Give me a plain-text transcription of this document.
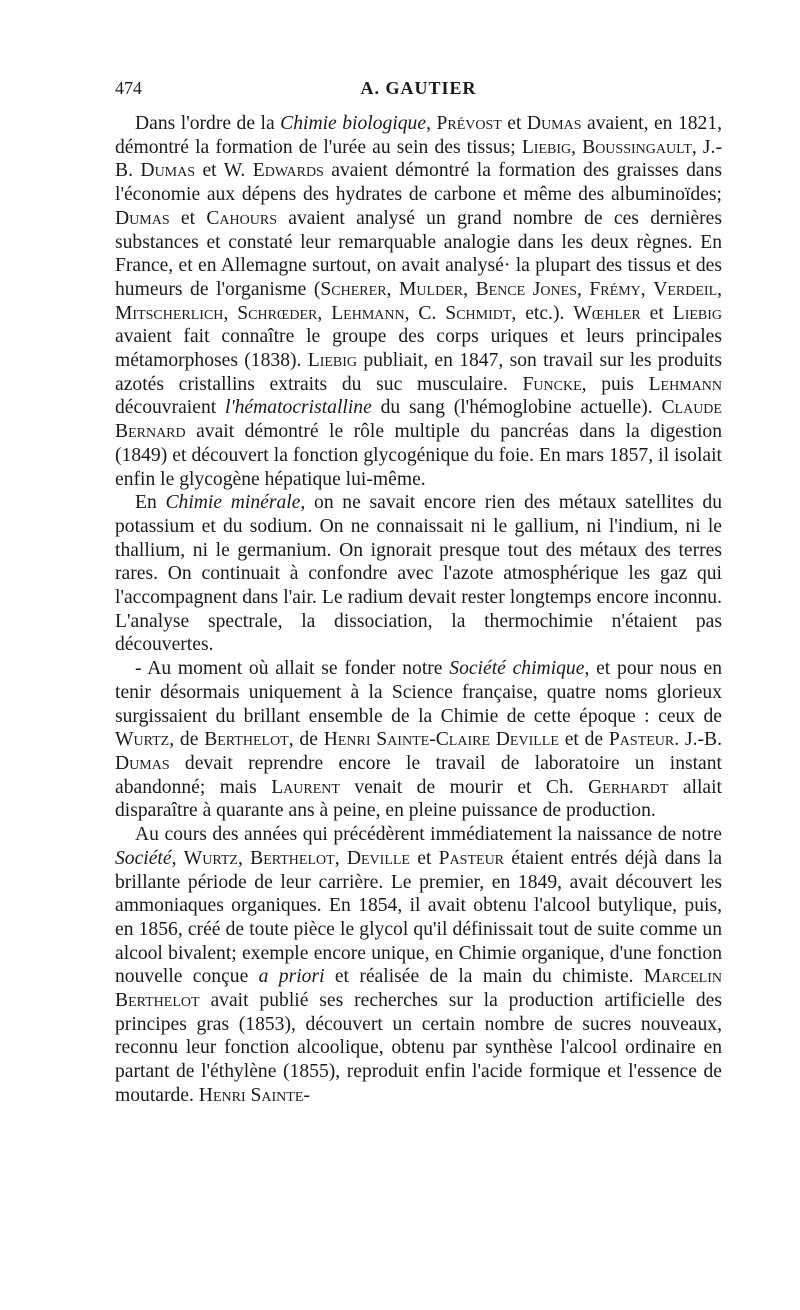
474	A. GAUTIER

Dans l'ordre de la Chimie biologique, Prévost et Dumas avaient, en 1821, démontré la formation de l'urée au sein des tissus; Liebig, Boussingault, J.-B. Dumas et W. Edwards avaient démontré la formation des graisses dans l'économie aux dépens des hydrates de carbone et même des albuminoïdes; Dumas et Cahours avaient analysé un grand nombre de ces dernières substances et constaté leur remarquable analogie dans les deux règnes. En France, et en Allemagne surtout, on avait analysé· la plupart des tissus et des humeurs de l'organisme (Scherer, Mulder, Bence Jones, Frémy, Verdeil, Mitscherlich, Schrœder, Lehmann, C. Schmidt, etc.). Wœhler et Liebig avaient fait connaître le groupe des corps uriques et leurs principales métamorphoses (1838). Liebig publiait, en 1847, son travail sur les produits azotés cristallins extraits du suc musculaire. Funcke, puis Lehmann découvraient l'hématocristalline du sang (l'hémoglobine actuelle). Claude Bernard avait démontré le rôle multiple du pancréas dans la digestion (1849) et découvert la fonction glycogénique du foie. En mars 1857, il isolait enfin le glycogène hépatique lui-même.

En Chimie minérale, on ne savait encore rien des métaux satellites du potassium et du sodium. On ne connaissait ni le gallium, ni l'indium, ni le thallium, ni le germanium. On ignorait presque tout des métaux des terres rares. On continuait à confondre avec l'azote atmosphérique les gaz qui l'accompagnent dans l'air. Le radium devait rester longtemps encore inconnu. L'analyse spectrale, la dissociation, la thermochimie n'étaient pas découvertes.

- Au moment où allait se fonder notre Société chimique, et pour nous en tenir désormais uniquement à la Science française, quatre noms glorieux surgissaient du brillant ensemble de la Chimie de cette époque : ceux de Wurtz, de Berthelot, de Henri Sainte-Claire Deville et de Pasteur. J.-B. Dumas devait reprendre encore le travail de laboratoire un instant abandonné; mais Laurent venait de mourir et Ch. Gerhardt allait disparaître à quarante ans à peine, en pleine puissance de production.

Au cours des années qui précédèrent immédiatement la naissance de notre Société, Wurtz, Berthelot, Deville et Pasteur étaient entrés déjà dans la brillante période de leur carrière. Le premier, en 1849, avait découvert les ammoniaques organiques. En 1854, il avait obtenu l'alcool butylique, puis, en 1856, créé de toute pièce le glycol qu'il définissait tout de suite comme un alcool bivalent; exemple encore unique, en Chimie organique, d'une fonction nouvelle conçue a priori et réalisée de la main du chimiste. Marcelin Berthelot avait publié ses recherches sur la production artificielle des principes gras (1853), découvert un certain nombre de sucres nouveaux, reconnu leur fonction alcoolique, obtenu par synthèse l'alcool ordinaire en partant de l'éthylène (1855), reproduit enfin l'acide formique et l'essence de moutarde. Henri Sainte-
